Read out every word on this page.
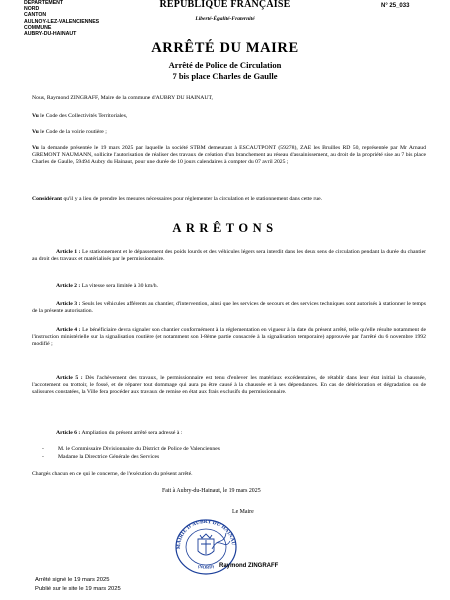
DEPARTEMENT
NORD
CANTON
AULNOY-LEZ-VALENCIENNES
COMMUNE
AUBRY-DU-HAINAUT
RÉPUBLIQUE FRANÇAISE
Liberté-Égalité-Fraternité
N° 25_033
ARRÊTÉ DU MAIRE
Arrêté de Police de Circulation
7 bis place Charles de Gaulle
Nous, Raymond ZINGRAFF, Maire de la commune d'AUBRY DU HAINAUT,
Vu le Code des Collectivités Territoriales,
Vu le Code de la voirie routière ;
Vu la demande présentée le 19 mars 2025 par laquelle la société STBM demeurant à ESCAUTPONT (59278), ZAE les Bruilles RD 50, représentée par Mr Arnaud GREMONT NAUMANN, sollicite l'autorisation de réaliser des travaux de création d'un branchement au réseau d'assainissement, au droit de la propriété sise au 7 bis place Charles de Gaulle, 59494 Aubry du Hainaut, pour une durée de 10 jours calendaires à compter du 07 avril 2025 ;
Considérant qu'il y a lieu de prendre les mesures nécessaires pour réglementer la circulation et le stationnement dans cette rue.
ARRÊTONS
Article 1 : Le stationnement et le dépassement des poids lourds et des véhicules légers sera interdit dans les deux sens de circulation pendant la durée du chantier au droit des travaux et matérialisés par le permissionnaire.
Article 2 : La vitesse sera limitée à 30 km/h.
Article 3 : Seuls les véhicules afférents au chantier, d'intervention, ainsi que les services de secours et des services techniques sont autorisés à stationner le temps de la présente autorisation.
Article 4 : Le bénéficiaire devra signaler son chantier conformément à la réglementation en vigueur à la date du présent arrêté, telle qu'elle résulte notamment de l'instruction ministérielle sur la signalisation routière (et notamment son I-8ème partie consacrée à la signalisation temporaire) approuvée par l'arrêté du 6 novembre 1992 modifié ;
Article 5 : Dès l'achèvement des travaux, le permissionnaire est tenu d'enlever les matériaux excédentaires, de rétablir dans leur état initial la chaussée, l'accotement ou trottoir, le fossé, et de réparer tout dommage qui aura pu être causé à la chaussée et à ses dépendances. En cas de détérioration et dégradation ou de salissures constatées, la Ville fera procéder aux travaux de remise en état aux frais exclusifs du permissionnaire.
Article 6 : Ampliation du présent arrêté sera adressé à :
- M. le Commissaire Divisionnaire du District de Police de Valenciennes
- Madame la Directrice Générale des Services
Chargés chacun en ce qui le concerne, de l'exécution du présent arrêté.
Fait à Aubry-du-Hainaut, le 19 mars 2025
Le Maire
MAIRIE D'AUBRY DU HAINAU
(NORD) Raymond ZINGRAFF
Arrêté signé le 19 mars 2025
Publié sur le site le 19 mars 2025
